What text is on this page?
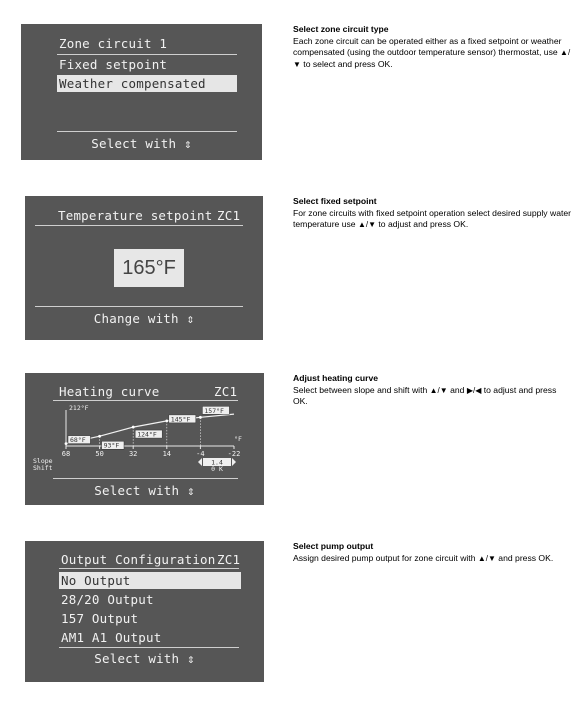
Zone circuit 1
Fixed setpoint
Weather compensated
Select with ⇕
Select zone circuit type
Each zone circuit can be operated either as a fixed setpoint or weather compensated (using the outdoor temperature sensor) thermostat, use ▲/▼ to select and press OK.
Temperature setpoint ZC1
165°F
Change with ⇕
Select fixed setpoint
For zone circuits with fixed setpoint operation select desired supply water temperature use ▲/▼ to adjust and press OK.
Heating curve	ZC1
212°F
°F
68	50	32	14	-4	-22
68°F
93°F
124°F
145°F
157°F
Slope
Shift
1.4
0 K
Select with ⇕
Adjust heating curve
Select between slope and shift with ▲/▼ and ▶/◀ to adjust and press OK.
Output Configuration ZC1
No Output
28/20 Output
157 Output
AM1 A1 Output
Select with ⇕
Select pump output
Assign desired pump output for zone circuit with ▲/▼ and press OK.
